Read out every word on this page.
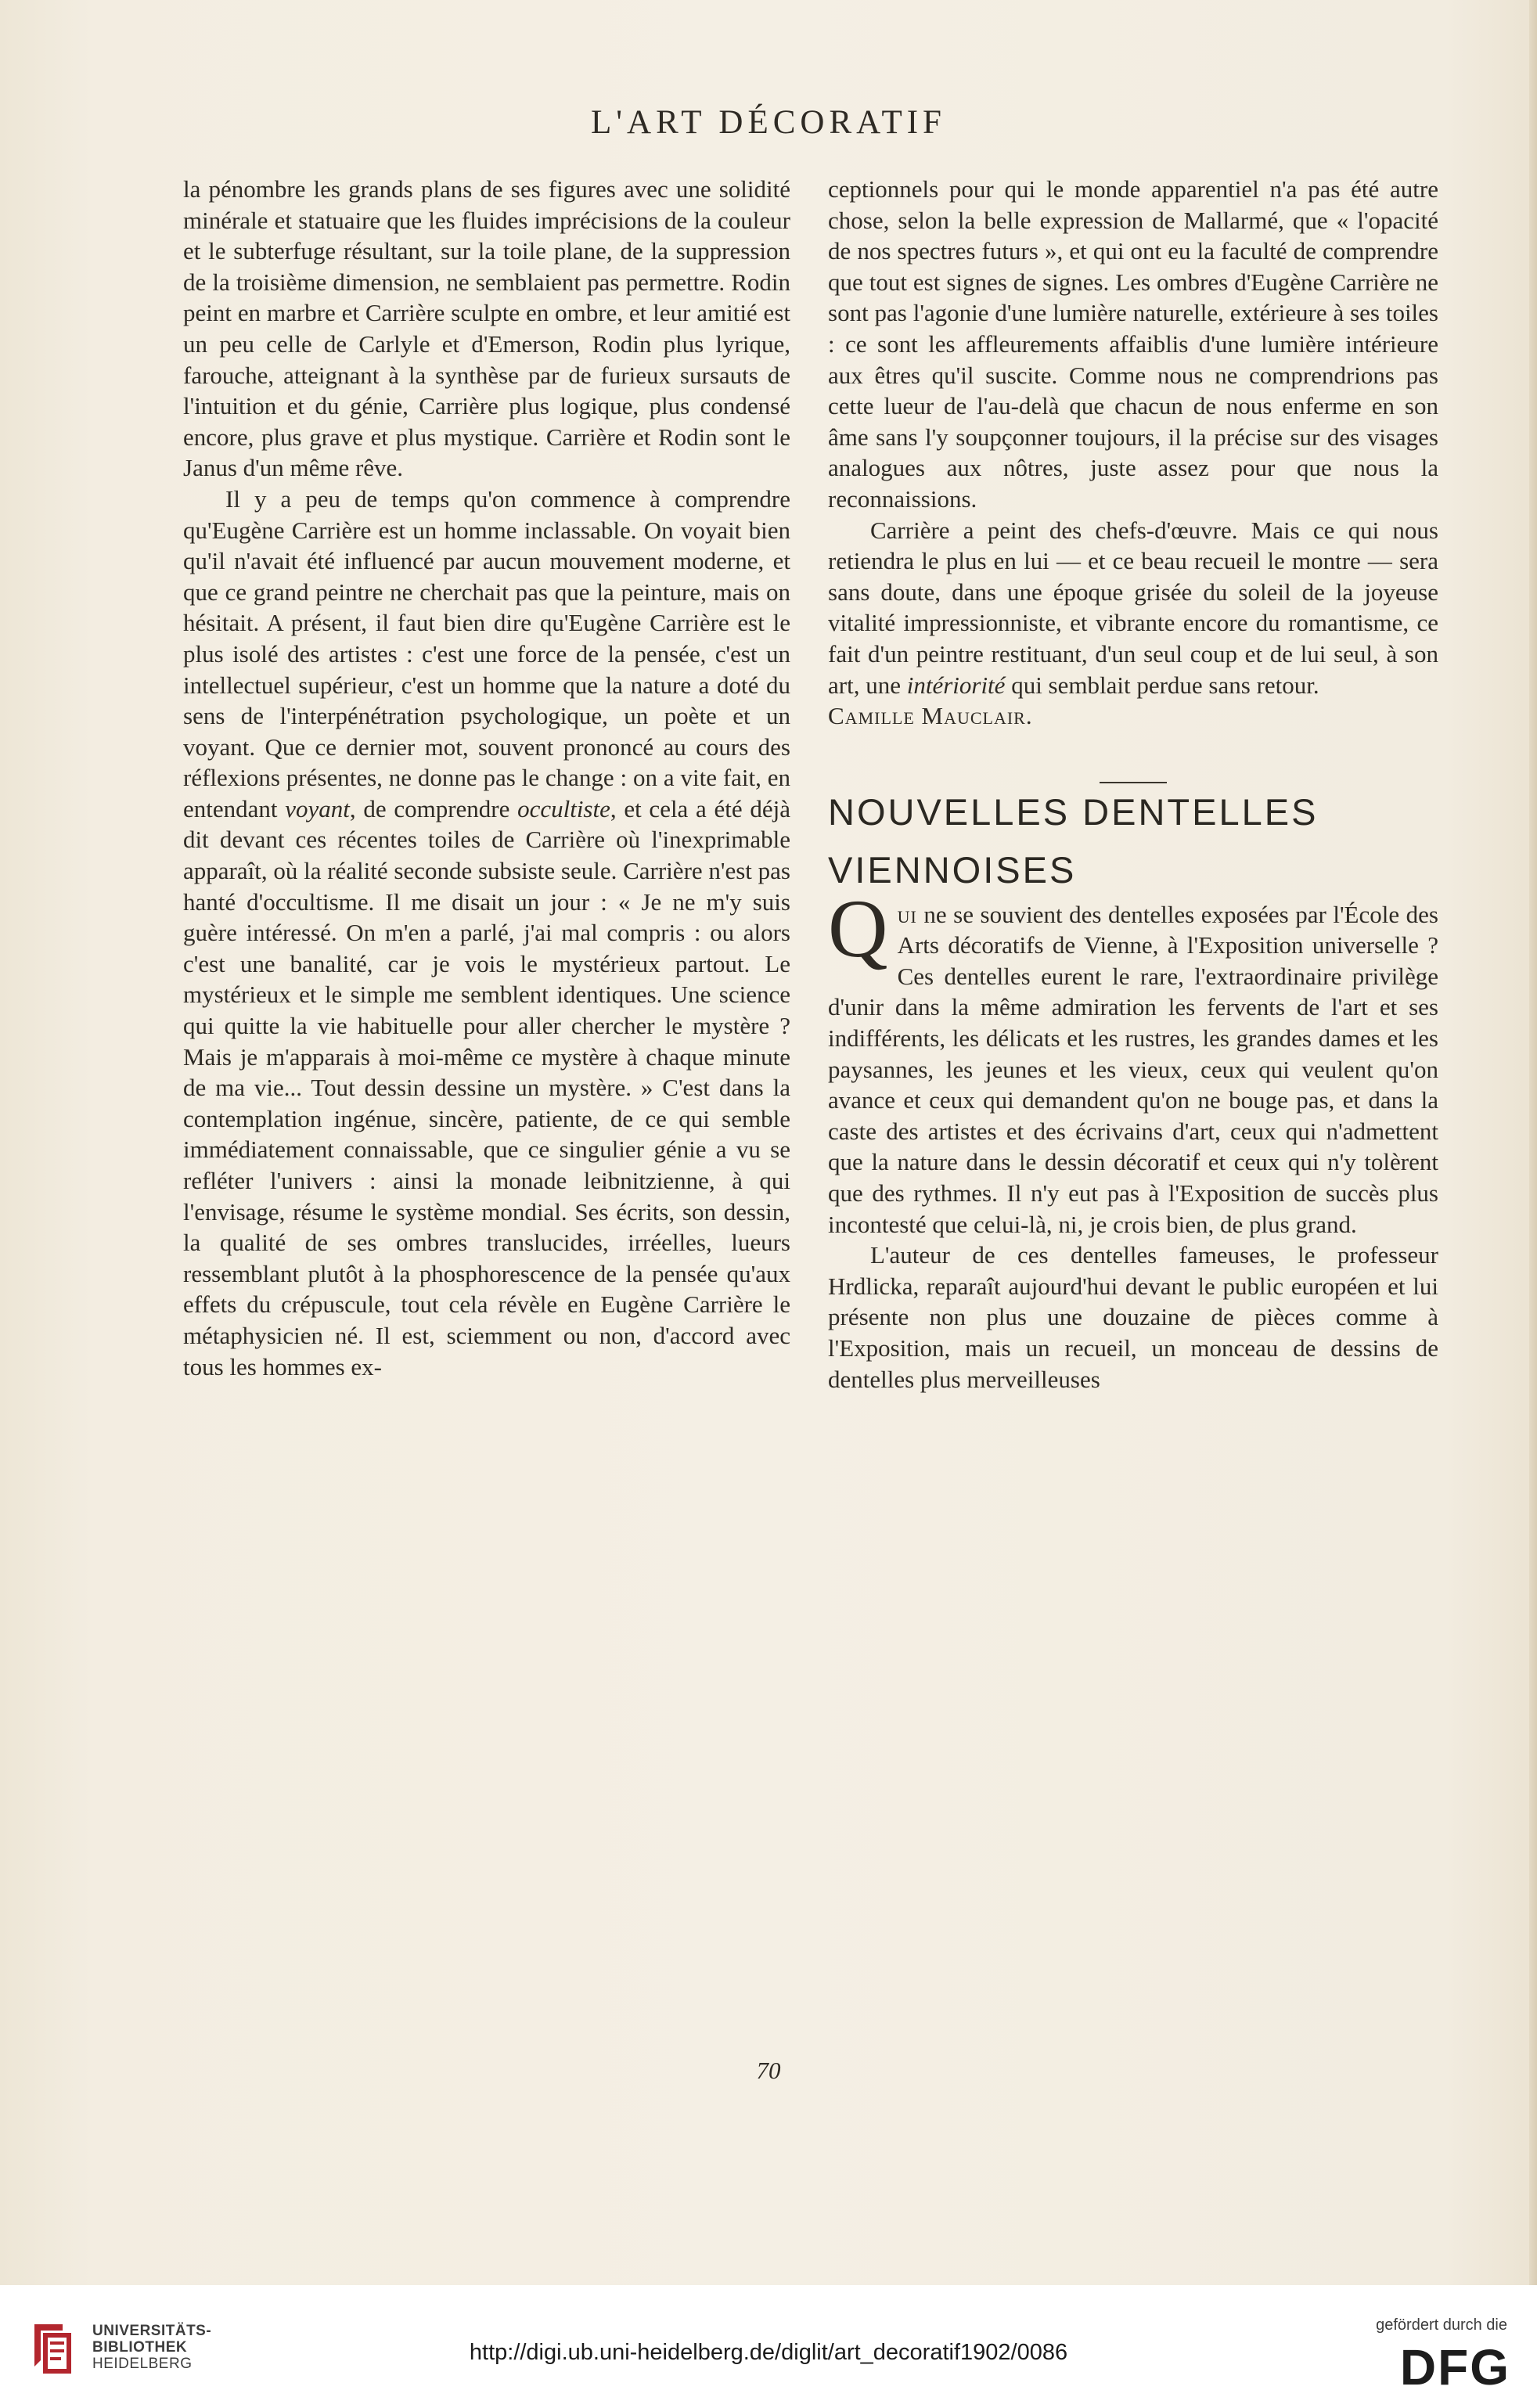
L'ART DÉCORATIF

la pénombre les grands plans de ses figures avec une solidité minérale et statuaire que les fluides imprécisions de la couleur et le subterfuge résultant, sur la toile plane, de la suppression de la troisième dimension, ne semblaient pas permettre. Rodin peint en marbre et Carrière sculpte en ombre, et leur amitié est un peu celle de Carlyle et d'Emerson, Rodin plus lyrique, farouche, atteignant à la synthèse par de furieux sursauts de l'intuition et du génie, Carrière plus logique, plus condensé encore, plus grave et plus mystique. Carrière et Rodin sont le Janus d'un même rêve.

Il y a peu de temps qu'on commence à comprendre qu'Eugène Carrière est un homme inclassable. On voyait bien qu'il n'avait été influencé par aucun mouvement moderne, et que ce grand peintre ne cherchait pas que la peinture, mais on hésitait. A présent, il faut bien dire qu'Eugène Carrière est le plus isolé des artistes : c'est une force de la pensée, c'est un intellectuel supérieur, c'est un homme que la nature a doté du sens de l'interpénétration psychologique, un poète et un voyant. Que ce dernier mot, souvent prononcé au cours des réflexions présentes, ne donne pas le change : on a vite fait, en entendant voyant, de comprendre occultiste, et cela a été déjà dit devant ces récentes toiles de Carrière où l'inexprimable apparaît, où la réalité seconde subsiste seule. Carrière n'est pas hanté d'occultisme. Il me disait un jour : « Je ne m'y suis guère intéressé. On m'en a parlé, j'ai mal compris : ou alors c'est une banalité, car je vois le mystérieux partout. Le mystérieux et le simple me semblent identiques. Une science qui quitte la vie habituelle pour aller chercher le mystère ? Mais je m'apparais à moi-même ce mystère à chaque minute de ma vie... Tout dessin dessine un mystère. » C'est dans la contemplation ingénue, sincère, patiente, de ce qui semble immédiatement connaissable, que ce singulier génie a vu se refléter l'univers : ainsi la monade leibnitzienne, à qui l'envisage, résume le système mondial. Ses écrits, son dessin, la qualité de ses ombres translucides, irréelles, lueurs ressemblant plutôt à la phosphorescence de la pensée qu'aux effets du crépuscule, tout cela révèle en Eugène Carrière le métaphysicien né. Il est, sciemment ou non, d'accord avec tous les hommes ex-

ceptionnels pour qui le monde apparentiel n'a pas été autre chose, selon la belle expression de Mallarmé, que « l'opacité de nos spectres futurs », et qui ont eu la faculté de comprendre que tout est signes de signes. Les ombres d'Eugène Carrière ne sont pas l'agonie d'une lumière naturelle, extérieure à ses toiles : ce sont les affleurements affaiblis d'une lumière intérieure aux êtres qu'il suscite. Comme nous ne comprendrions pas cette lueur de l'au-delà que chacun de nous enferme en son âme sans l'y soupçonner toujours, il la précise sur des visages analogues aux nôtres, juste assez pour que nous la reconnaissions.

Carrière a peint des chefs-d'œuvre. Mais ce qui nous retiendra le plus en lui — et ce beau recueil le montre — sera sans doute, dans une époque grisée du soleil de la joyeuse vitalité impressionniste, et vibrante encore du romantisme, ce fait d'un peintre restituant, d'un seul coup et de lui seul, à son art, une intériorité qui semblait perdue sans retour.

Camille Mauclair.

NOUVELLES DENTELLES

VIENNOISES

Qui ne se souvient des dentelles exposées par l'École des Arts décoratifs de Vienne, à l'Exposition universelle ? Ces dentelles eurent le rare, l'extraordinaire privilège d'unir dans la même admiration les fervents de l'art et ses indifférents, les délicats et les rustres, les grandes dames et les paysannes, les jeunes et les vieux, ceux qui veulent qu'on avance et ceux qui demandent qu'on ne bouge pas, et dans la caste des artistes et des écrivains d'art, ceux qui n'admettent que la nature dans le dessin décoratif et ceux qui n'y tolèrent que des rythmes. Il n'y eut pas à l'Exposition de succès plus incontesté que celui-là, ni, je crois bien, de plus grand.

L'auteur de ces dentelles fameuses, le professeur Hrdlicka, reparaît aujourd'hui devant le public européen et lui présente non plus une douzaine de pièces comme à l'Exposition, mais un recueil, un monceau de dessins de dentelles plus merveilleuses

70
UNIVERSITÄTS-
BIBLIOTHEK
HEIDELBERG	http://digi.ub.uni-heidelberg.de/diglit/art_decoratif1902/0086
gefördert durch die
DFG
